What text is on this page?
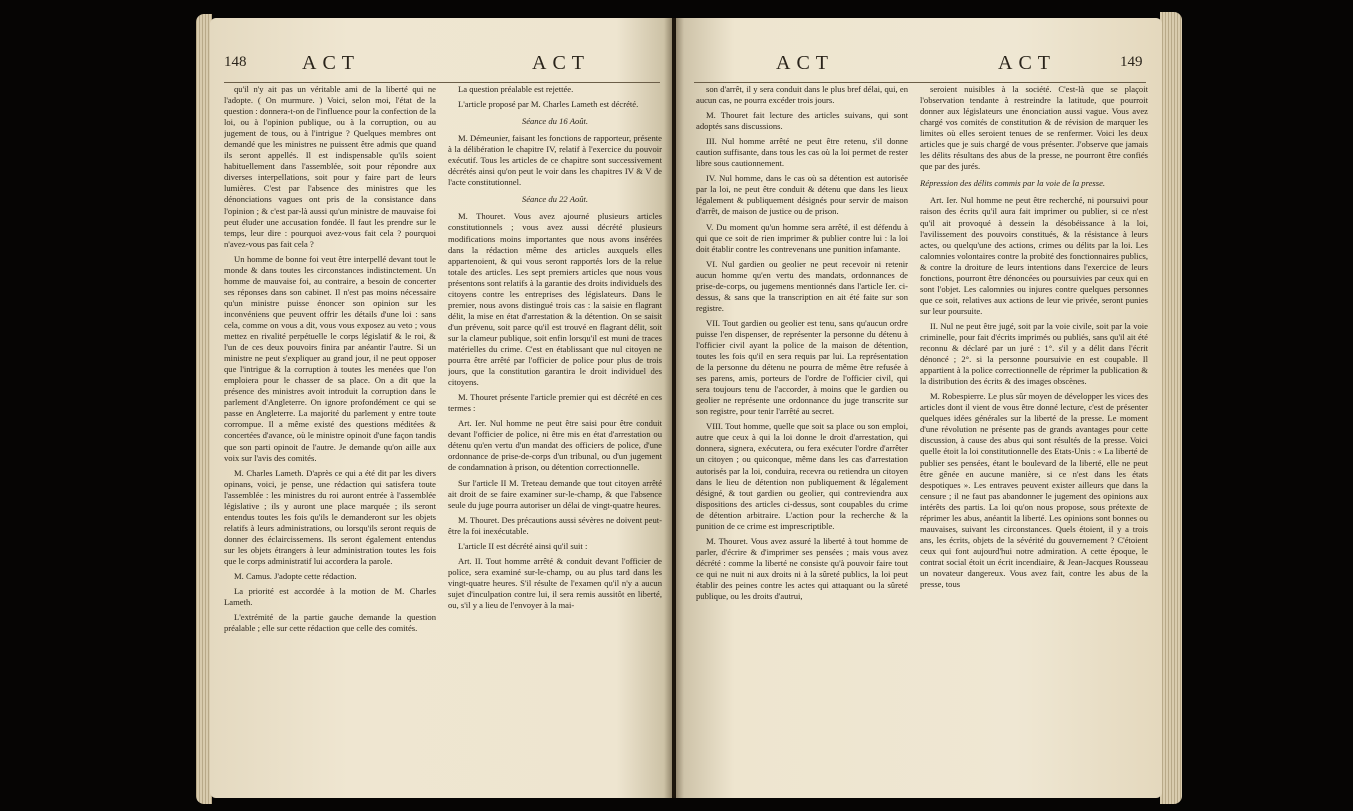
148	ACT	ACT

qu'il n'y ait pas un véritable ami de la liberté qui ne l'adopte. ( On murmure. ) Voici, selon moi, l'état de la question : donnera-t-on de l'influence pour la confection de la loi, ou à l'opinion publique, ou à la corruption, ou au jugement de tous, ou à l'intrigue ? Quelques membres ont demandé que les ministres ne puissent être admis que quand ils seront appellés. Il est indispensable qu'ils soient habituellement dans l'assemblée, soit pour répondre aux diverses interpellations, soit pour y faire part de leurs lumières. C'est par l'absence des ministres que les dénonciations vagues ont pris de la consistance dans l'opinion ; & c'est par-là aussi qu'un ministre de mauvaise foi peut éluder une accusation fondée. Il faut les prendre sur le temps, leur dire : pourquoi avez-vous fait cela ? pourquoi n'avez-vous pas fait cela ?

Un homme de bonne foi veut être interpellé devant tout le monde & dans toutes les circonstances indistinctement. Un homme de mauvaise foi, au contraire, a besoin de concerter ses réponses dans son cabinet. Il n'est pas moins nécessaire qu'un ministre puisse énoncer son opinion sur les inconvéniens que peuvent offrir les détails d'une loi : sans cela, comme on vous a dit, vous vous exposez au veto ; vous mettez en rivalité perpétuelle le corps législatif & le roi, & l'un de ces deux pouvoirs finira par anéantir l'autre. Si un ministre ne peut s'expliquer au grand jour, il ne peut opposer que l'intrigue & la corruption à toutes les menées que l'on emploiera pour le chasser de sa place. On a dit que la présence des ministres avoit introduit la corruption dans le parlement d'Angleterre. On ignore profondément ce qui se passe en Angleterre. La majorité du parlement y entre toute corrompue. Il a même existé des questions méditées & concertées d'avance, où le ministre opinoit d'une façon tandis que son parti opinoit de l'autre. Je demande qu'on aille aux voix sur l'avis des comités.

M. Charles Lameth. D'après ce qui a été dit par les divers opinans, voici, je pense, une rédaction qui satisfera toute l'assemblée : les ministres du roi auront entrée à l'assemblée législative ; ils y auront une place marquée ; ils seront entendus toutes les fois qu'ils le demanderont sur les objets relatifs à leurs administrations, ou lorsqu'ils seront requis de donner des éclaircissemens. Ils seront également entendus sur les objets étrangers à leur administration toutes les fois que le corps administratif lui accordera la parole.

M. Camus. J'adopte cette rédaction.

La priorité est accordée à la motion de M. Charles Lameth.

L'extrémité de la partie gauche demande la question préalable ; elle sur cette rédaction que celle des comités.

La question préalable est rejettée.

L'article proposé par M. Charles Lameth est décrété.

Séance du 16 Août.

M. Démeunier, faisant les fonctions de rapporteur, présente à la délibération le chapitre IV, relatif à l'exercice du pouvoir exécutif. Tous les articles de ce chapitre sont successivement décrétés ainsi qu'on peut le voir dans les chapitres IV & V de l'acte constitutionnel.

Séance du 22 Août.

M. Thouret. Vous avez ajourné plusieurs articles constitutionnels ; vous avez aussi décrété plusieurs modifications moins importantes que nous avons insérées dans la rédaction même des articles auxquels elles appartenoient, & qui vous seront rapportés lors de la relue totale des articles. Les sept premiers articles que nous vous présentons sont relatifs à la garantie des droits individuels des citoyens contre les entreprises des législateurs. Dans le premier, nous avons distingué trois cas : la saisie en flagrant délit, la mise en état d'arrestation & la détention. On se saisit d'un prévenu, soit parce qu'il est trouvé en flagrant délit, soit sur la clameur publique, soit enfin lorsqu'il est muni de traces matérielles du crime. C'est en établissant que nul citoyen ne pourra être arrêté par l'officier de police pour plus de trois jours, que la constitution garantira le droit individuel des citoyens.

M. Thouret présente l'article premier qui est décrété en ces termes :

Art. Ier. Nul homme ne peut être saisi pour être conduit devant l'officier de police, ni être mis en état d'arrestation ou détenu qu'en vertu d'un mandat des officiers de police, d'une ordonnance de prise-de-corps d'un tribunal, ou d'un jugement de condamnation à prison, ou détention correctionnelle.

Sur l'article II M. Treteau demande que tout citoyen arrêté ait droit de se faire examiner sur-le-champ, & que l'absence seule du juge pourra autoriser un délai de vingt-quatre heures.

M. Thouret. Des précautions aussi sévères ne doivent peut-être la foi inexécutable.

L'article II est décrété ainsi qu'il suit :

Art. II. Tout homme arrêté & conduit devant l'officier de police, sera examiné sur-le-champ, ou au plus tard dans les vingt-quatre heures. S'il résulte de l'examen qu'il n'y a aucun sujet d'inculpation contre lui, il sera remis aussitôt en liberté, ou, s'il y a lieu de l'envoyer à la mai-

ACT	ACT	149

son d'arrêt, il y sera conduit dans le plus bref délai, qui, en aucun cas, ne pourra excéder trois jours.

M. Thouret fait lecture des articles suivans, qui sont adoptés sans discussions.

III. Nul homme arrêté ne peut être retenu, s'il donne caution suffisante, dans tous les cas où la loi permet de rester libre sous cautionnement.

IV. Nul homme, dans le cas où sa détention est autorisée par la loi, ne peut être conduit & détenu que dans les lieux légalement & publiquement désignés pour servir de maison d'arrêt, de maison de justice ou de prison.

V. Du moment qu'un homme sera arrêté, il est défendu à qui que ce soit de rien imprimer & publier contre lui : la loi doit établir contre les contrevenans une punition infamante.

VI. Nul gardien ou geolier ne peut recevoir ni retenir aucun homme qu'en vertu des mandats, ordonnances de prise-de-corps, ou jugemens mentionnés dans l'article Ier. ci-dessus, & sans que la transcription en ait été faite sur son registre.

VII. Tout gardien ou geolier est tenu, sans qu'aucun ordre puisse l'en dispenser, de représenter la personne du détenu à l'officier civil ayant la police de la maison de détention, toutes les fois qu'il en sera requis par lui. La représentation de la personne du détenu ne pourra de même être refusée à ses parens, amis, porteurs de l'ordre de l'officier civil, qui sera toujours tenu de l'accorder, à moins que le gardien ou geolier ne représente une ordonnance du juge transcrite sur son registre, pour tenir l'arrêté au secret.

VIII. Tout homme, quelle que soit sa place ou son emploi, autre que ceux à qui la loi donne le droit d'arrestation, qui donnera, signera, exécutera, ou fera exécuter l'ordre d'arrêter un citoyen ; ou quiconque, même dans les cas d'arrestation autorisés par la loi, conduira, recevra ou retiendra un citoyen dans le lieu de détention non publiquement & légalement désigné, & tout gardien ou geolier, qui contreviendra aux dispositions des articles ci-dessus, sont coupables du crime de détention arbitraire. L'action pour la recherche & la punition de ce crime est imprescriptible.

M. Thouret. Vous avez assuré la liberté à tout homme de parler, d'écrire & d'imprimer ses pensées ; mais vous avez décrété : comme la liberté ne consiste qu'à pouvoir faire tout ce qui ne nuit ni aux droits ni à la sûreté publics, la loi peut établir des peines contre les actes qui attaquant ou la sûreté publique, ou les droits d'autrui,

seroient nuisibles à la société. C'est-là que se plaçoit l'observation tendante à restreindre la latitude, que pourroit donner aux législateurs une énonciation aussi vague. Vous avez chargé vos comités de constitution & de révision de marquer les limites où elles seroient tenues de se renfermer. Voici les deux articles que je suis chargé de vous présenter. J'observe que jamais les délits résultans des abus de la presse, ne pourront être confiés que par des jurés.

Répression des délits commis par la voie de la presse.

Art. Ier. Nul homme ne peut être recherché, ni poursuivi pour raison des écrits qu'il aura fait imprimer ou publier, si ce n'est qu'il ait provoqué à dessein la désobéissance à la loi, l'avilissement des pouvoirs constitués, & la résistance à leurs actes, ou quelqu'une des actions, crimes ou délits par la loi. Les calomnies volontaires contre la probité des fonctionnaires publics, & contre la droiture de leurs intentions dans l'exercice de leurs fonctions, pourront être dénoncées ou poursuivies par ceux qui en sont l'objet. Les calomnies ou injures contre quelques personnes que ce soit, relatives aux actions de leur vie privée, seront punies sur leur poursuite.

II. Nul ne peut être jugé, soit par la voie civile, soit par la voie criminelle, pour fait d'écrits imprimés ou publiés, sans qu'il ait été reconnu & déclaré par un juré : 1°. s'il y a délit dans l'écrit dénoncé ; 2°. si la personne poursuivie en est coupable. Il appartient à la police correctionnelle de réprimer la publication & la distribution des écrits & des images obscènes.

M. Robespierre. Le plus sûr moyen de développer les vices des articles dont il vient de vous être donné lecture, c'est de présenter quelques idées générales sur la liberté de la presse. Le moment d'une révolution ne présente pas de grands avantages pour cette discussion, à cause des abus qui sont résultés de la presse. Voici quelle étoit la loi constitutionnelle des Etats-Unis : « La liberté de publier ses pensées, étant le boulevard de la liberté, elle ne peut être gênée en aucune manière, si ce n'est dans les états despotiques ». Les entraves peuvent exister ailleurs que dans la censure ; il ne faut pas abandonner le jugement des opinions aux intérêts des partis. La loi qu'on nous propose, sous prétexte de réprimer les abus, anéantit la liberté. Les opinions sont bonnes ou mauvaises, suivant les circonstances. Quels étoient, il y a trois ans, les écrits, objets de la sévérité du gouvernement ? C'étoient ceux qui font aujourd'hui notre admiration. A cette époque, le contrat social étoit un écrit incendiaire, & Jean-Jacques Rousseau un novateur dangereux. Vous avez fait, contre les abus de la presse, tous
